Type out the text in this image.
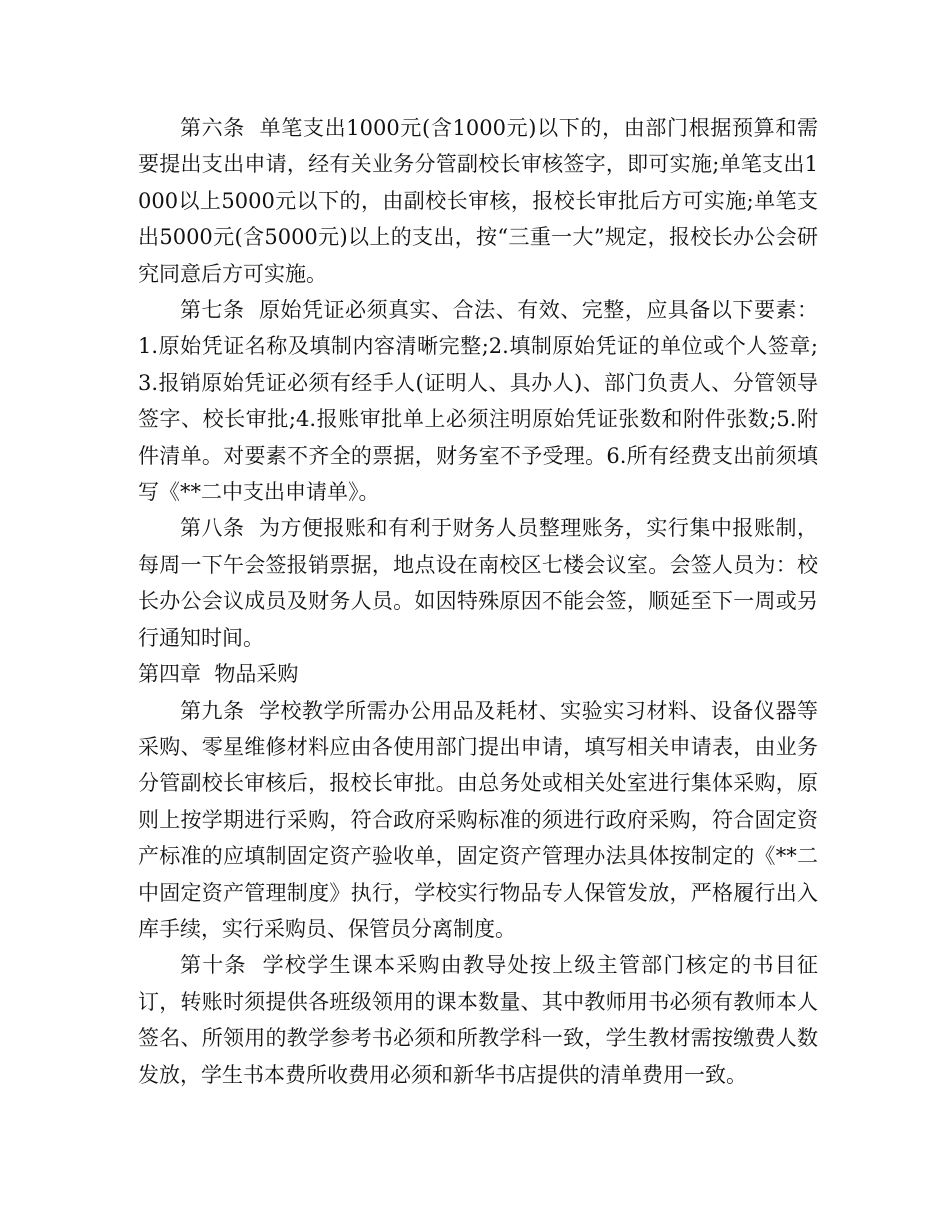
第六条  单笔支出1000元(含1000元)以下的，由部门根据预算和需要提出支出申请，经有关业务分管副校长审核签字，即可实施;单笔支出1000以上5000元以下的，由副校长审核，报校长审批后方可实施;单笔支出5000元(含5000元)以上的支出，按“三重一大”规定，报校长办公会研究同意后方可实施。

第七条  原始凭证必须真实、合法、有效、完整，应具备以下要素：1.原始凭证名称及填制内容清晰完整;2.填制原始凭证的单位或个人签章;3.报销原始凭证必须有经手人(证明人、具办人)、部门负责人、分管领导签字、校长审批;4.报账审批单上必须注明原始凭证张数和附件张数;5.附件清单。对要素不齐全的票据，财务室不予受理。6.所有经费支出前须填写《**二中支出申请单》。

第八条  为方便报账和有利于财务人员整理账务，实行集中报账制，每周一下午会签报销票据，地点设在南校区七楼会议室。会签人员为：校长办公会议成员及财务人员。如因特殊原因不能会签，顺延至下一周或另行通知时间。

第四章  物品采购

第九条  学校教学所需办公用品及耗材、实验实习材料、设备仪器等采购、零星维修材料应由各使用部门提出申请，填写相关申请表，由业务分管副校长审核后，报校长审批。由总务处或相关处室进行集体采购，原则上按学期进行采购，符合政府采购标准的须进行政府采购，符合固定资产标准的应填制固定资产验收单，固定资产管理办法具体按制定的《**二中固定资产管理制度》执行，学校实行物品专人保管发放，严格履行出入库手续，实行采购员、保管员分离制度。

第十条  学校学生课本采购由教导处按上级主管部门核定的书目征订，转账时须提供各班级领用的课本数量、其中教师用书必须有教师本人签名、所领用的教学参考书必须和所教学科一致，学生教材需按缴费人数发放，学生书本费所收费用必须和新华书店提供的清单费用一致。
